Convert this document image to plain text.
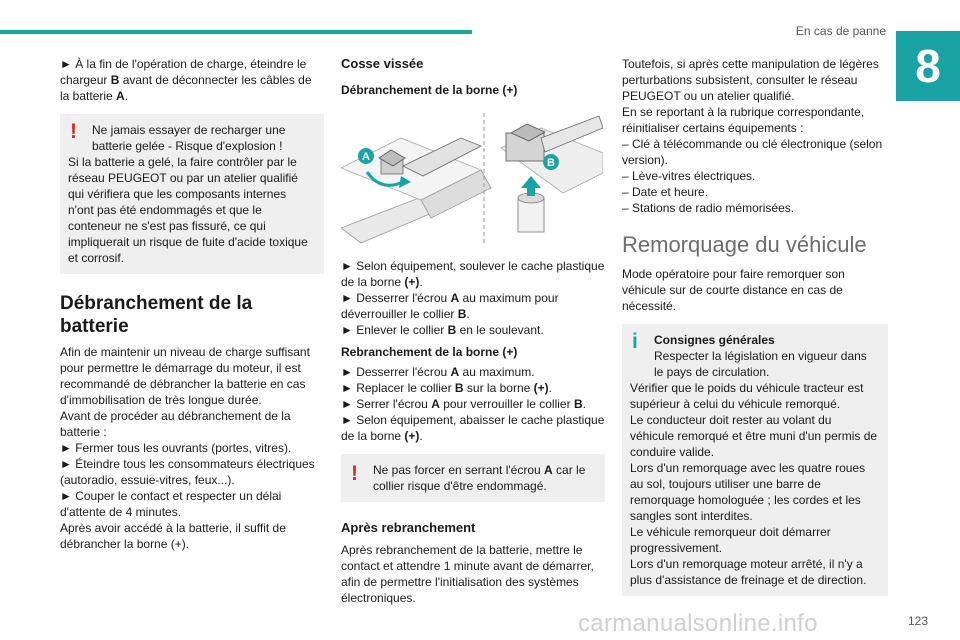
En cas de panne
8

► À la fin de l'opération de charge, éteindre le chargeur B avant de déconnecter les câbles de la batterie A.

!	Ne jamais essayer de recharger une batterie gelée - Risque d'explosion !

Si la batterie a gelé, la faire contrôler par le réseau PEUGEOT ou par un atelier qualifié qui vérifiera que les composants internes n'ont pas été endommagés et que le conteneur ne s'est pas fissuré, ce qui impliquerait un risque de fuite d'acide toxique et corrosif.

Débranchement de la batterie

Afin de maintenir un niveau de charge suffisant pour permettre le démarrage du moteur, il est recommandé de débrancher la batterie en cas d'immobilisation de très longue durée.

Avant de procéder au débranchement de la batterie :

► Fermer tous les ouvrants (portes, vitres).

► Éteindre tous les consommateurs électriques (autoradio, essuie-vitres, feux...).

► Couper le contact et respecter un délai d'attente de 4 minutes.

Après avoir accédé à la batterie, il suffit de débrancher la borne (+).

Cosse vissée
Débranchement de la borne (+)
A	B

► Selon équipement, soulever le cache plastique de la borne (+).

► Desserrer l'écrou A au maximum pour déverrouiller le collier B.

► Enlever le collier B en le soulevant.

Rebranchement de la borne (+)

► Desserrer l'écrou A au maximum.

► Replacer le collier B sur la borne (+).

► Serrer l'écrou A pour verrouiller le collier B.

► Selon équipement, abaisser le cache plastique de la borne (+).

!	Ne pas forcer en serrant l'écrou A car le collier risque d'être endommagé.

Après rebranchement

Après rebranchement de la batterie, mettre le contact et attendre 1 minute avant de démarrer, afin de permettre l'initialisation des systèmes électroniques.

Toutefois, si après cette manipulation de légères perturbations subsistent, consulter le réseau PEUGEOT ou un atelier qualifié.

En se reportant à la rubrique correspondante, réinitialiser certains équipements :

– Clé à télécommande ou clé électronique (selon version).

– Lève-vitres électriques.

– Date et heure.

– Stations de radio mémorisées.

Remorquage du véhicule

Mode opératoire pour faire remorquer son véhicule sur de courte distance en cas de nécessité.

i	Consignes générales

Respecter la législation en vigueur dans le pays de circulation.

Vérifier que le poids du véhicule tracteur est supérieur à celui du véhicule remorqué.

Le conducteur doit rester au volant du véhicule remorqué et être muni d'un permis de conduire valide.

Lors d'un remorquage avec les quatre roues au sol, toujours utiliser une barre de remorquage homologuée ; les cordes et les sangles sont interdites.

Le véhicule remorqueur doit démarrer progressivement.

Lors d'un remorquage moteur arrêté, il n'y a plus d'assistance de freinage et de direction.

carmanualsonline.info	123
